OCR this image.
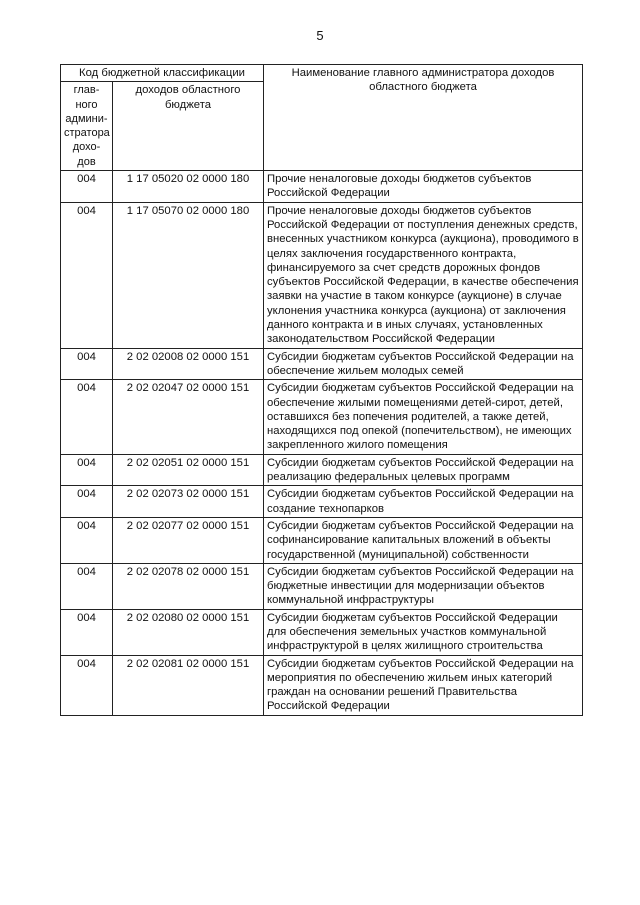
5
Код бюджетной классификации		Наименование главного администратора доходов областного бюджета
глав-ного админи-стратора дохо-дов	доходов областного бюджета	
004	1 17 05020 02 0000 180	Прочие неналоговые доходы бюджетов субъектов Российской Федерации
004	1 17 05070 02 0000 180	Прочие неналоговые доходы бюджетов субъектов Российской Федерации от поступления денежных средств, внесенных участником конкурса (аукциона), проводимого в целях заключения государственного контракта, финансируемого за счет средств дорожных фондов субъектов Российской Федерации, в качестве обеспечения заявки на участие в таком конкурсе (аукционе) в случае уклонения участника конкурса (аукциона) от заключения данного контракта и в иных случаях, установленных законодательством Российской Федерации
004	2 02 02008 02 0000 151	Субсидии бюджетам субъектов Российской Федерации на обеспечение жильем молодых семей
004	2 02 02047 02 0000 151	Субсидии бюджетам субъектов Российской Федерации на обеспечение жилыми помещениями детей-сирот, детей, оставшихся без попечения родителей, а также детей, находящихся под опекой (попечительством), не имеющих закрепленного жилого помещения
004	2 02 02051 02 0000 151	Субсидии бюджетам субъектов Российской Федерации на реализацию федеральных целевых программ
004	2 02 02073 02 0000 151	Субсидии бюджетам субъектов Российской Федерации на создание технопарков
004	2 02 02077 02 0000 151	Субсидии бюджетам субъектов Российской Федерации на софинансирование капитальных вложений в объекты государственной (муниципальной) собственности
004	2 02 02078 02 0000 151	Субсидии бюджетам субъектов Российской Федерации на бюджетные инвестиции для модернизации объектов коммунальной инфраструктуры
004	2 02 02080 02 0000 151	Субсидии бюджетам субъектов Российской Федерации для обеспечения земельных участков коммунальной инфраструктурой в целях жилищного строительства
004	2 02 02081 02 0000 151	Субсидии бюджетам субъектов Российской Федерации на мероприятия по обеспечению жильем иных категорий граждан на основании решений Правительства Российской Федерации
